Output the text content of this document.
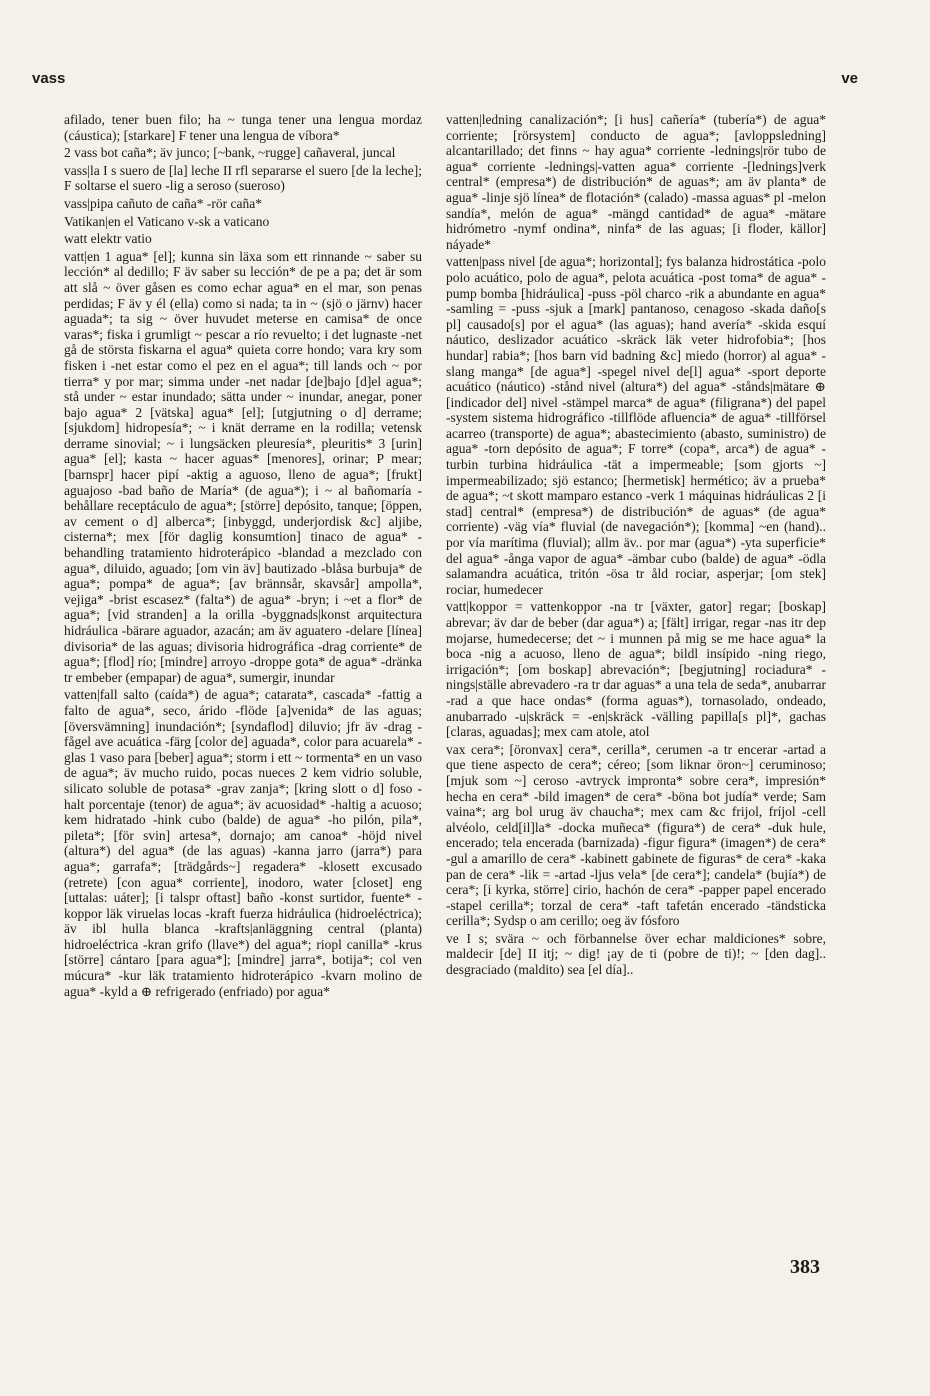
vass	ve

afilado, tener buen filo; ha ~ tunga tener una lengua mordaz (cáustica); [starkare] F tener una lengua de víbora*

2 vass bot caña*; äv junco; [~bank, ~rugge] cañaveral, juncal

vass|la I s suero de [la] leche II rfl separarse el suero [de la leche]; F soltarse el suero -lig a seroso (sueroso)

vass|pipa cañuto de caña* -rör caña*

Vatikan|en el Vaticano v-sk a vaticano

watt elektr vatio

vatt|en 1 agua* [el]; kunna sin läxa som ett rinnande ~ saber su lección* al dedillo; F äv saber su lección* de pe a pa; det är som att slå ~ över gåsen es como echar agua* en el mar, son penas perdidas; F äv y él (ella) como si nada; ta in ~ (sjö o järnv) hacer aguada*; ta sig ~ över huvudet meterse en camisa* de once varas*; fiska i grumligt ~ pescar a río revuelto; i det lugnaste -net gå de största fiskarna el agua* quieta corre hondo; vara kry som fisken i -net estar como el pez en el agua*; till lands och ~ por tierra* y por mar; simma under -net nadar [de]bajo [d]el agua*; stå under ~ estar inundado; sätta under ~ inundar, anegar, poner bajo agua* 2 [vätska] agua* [el]; [utgjutning o d] derrame; [sjukdom] hidropesía*; ~ i knät derrame en la rodilla; vetensk derrame sinovial; ~ i lungsäcken pleuresía*, pleuritis* 3 [urin] agua* [el]; kasta ~ hacer aguas* [menores], orinar; P mear; [barnspr] hacer pipí -aktig a aguoso, lleno de agua*; [frukt] aguajoso -bad baño de María* (de agua*); i ~ al bañomaría -behållare receptáculo de agua*; [större] depósito, tanque; [öppen, av cement o d] alberca*; [inbyggd, underjordisk &c] aljibe, cisterna*; mex [för daglig konsumtion] tinaco de agua* -behandling tratamiento hidroterápico -blandad a mezclado con agua*, diluido, aguado; [om vin äv] bautizado -blåsa burbuja* de agua*; pompa* de agua*; [av brännsår, skavsår] ampolla*, vejiga* -brist escasez* (falta*) de agua* -bryn; i ~et a flor* de agua*; [vid stranden] a la orilla -byggnads|konst arquitectura hidráulica -bärare aguador, azacán; am äv aguatero -delare [línea] divisoria* de las aguas; divisoria hidrográfica -drag corriente* de agua*; [flod] río; [mindre] arroyo -droppe gota* de agua* -dränka tr embeber (empapar) de agua*, sumergir, inundar

vatten|fall salto (caída*) de agua*; catarata*, cascada* -fattig a falto de agua*, seco, árido -flöde [a]venida* de las aguas; [översvämning] inundación*; [syndaflod] diluvio; jfr äv -drag -fågel ave acuática -färg [color de] aguada*, color para acuarela* -glas 1 vaso para [beber] agua*; storm i ett ~ tormenta* en un vaso de agua*; äv mucho ruido, pocas nueces 2 kem vidrio soluble, silicato soluble de potasa* -grav zanja*; [kring slott o d] foso -halt porcentaje (tenor) de agua*; äv acuosidad* -haltig a acuoso; kem hidratado -hink cubo (balde) de agua* -ho pilón, pila*, pileta*; [för svin] artesa*, dornajo; am canoa* -höjd nivel (altura*) del agua* (de las aguas) -kanna jarro (jarra*) para agua*; garrafa*; [trädgårds~] regadera* -klosett excusado (retrete) [con agua* corriente], inodoro, water [closet] eng [uttalas: uáter]; [i talspr oftast] baño -konst surtidor, fuente* -koppor läk viruelas locas -kraft fuerza hidráulica (hidroeléctrica); äv ibl hulla blanca -krafts|anläggning central (planta) hidroeléctrica -kran grifo (llave*) del agua*; riopl canilla* -krus [större] cántaro [para agua*]; [mindre] jarra*, botija*; col ven múcura* -kur läk tratamiento hidroterápico -kvarn molino de agua* -kyld a ⊕ refrigerado (enfriado) por agua*

vatten|ledning canalización*; [i hus] cañería* (tubería*) de agua* corriente; [rörsystem] conducto de agua*; [avloppsledning] alcantarillado; det finns ~ hay agua* corriente -lednings|rör tubo de agua* corriente -lednings|-vatten agua* corriente -[lednings]verk central* (empresa*) de distribución* de aguas*; am äv planta* de agua* -linje sjö línea* de flotación* (calado) -massa aguas* pl -melon sandía*, melón de agua* -mängd cantidad* de agua* -mätare hidrómetro -nymf ondina*, ninfa* de las aguas; [i floder, källor] náyade*

vatten|pass nivel [de agua*; horizontal]; fys balanza hidrostática -polo polo acuático, polo de agua*, pelota acuática -post toma* de agua* -pump bomba [hidráulica] -puss -pöl charco -rik a abundante en agua* -samling = -puss -sjuk a [mark] pantanoso, cenagoso -skada daño[s pl] causado[s] por el agua* (las aguas); hand avería* -skida esquí náutico, deslizador acuático -skräck läk veter hidrofobia*; [hos hundar] rabia*; [hos barn vid badning &c] miedo (horror) al agua* -slang manga* [de agua*] -spegel nivel de[l] agua* -sport deporte acuático (náutico) -stånd nivel (altura*) del agua* -stånds|mätare ⊕ [indicador del] nivel -stämpel marca* de agua* (filigrana*) del papel -system sistema hidrográfico -tillflöde afluencia* de agua* -tillförsel acarreo (transporte) de agua*; abastecimiento (abasto, suministro) de agua* -torn depósito de agua*; F torre* (copa*, arca*) de agua* -turbin turbina hidráulica -tät a impermeable; [som gjorts ~] impermeabilizado; sjö estanco; [hermetisk] hermético; äv a prueba* de agua*; ~t skott mamparo estanco -verk 1 máquinas hidráulicas 2 [i stad] central* (empresa*) de distribución* de aguas* (de agua* corriente) -väg vía* fluvial (de navegación*); [komma] ~en (hand).. por vía marítima (fluvial); allm äv.. por mar (agua*) -yta superficie* del agua* -ånga vapor de agua* -ämbar cubo (balde) de agua* -ödla salamandra acuática, tritón -ösa tr åld rociar, asperjar; [om stek] rociar, humedecer

vatt|koppor = vattenkoppor -na tr [växter, gator] regar; [boskap] abrevar; äv dar de beber (dar agua*) a; [fält] irrigar, regar -nas itr dep mojarse, humedecerse; det ~ i munnen på mig se me hace agua* la boca -nig a acuoso, lleno de agua*; bildl insípido -ning riego, irrigación*; [om boskap] abrevación*; [begjutning] rociadura* -nings|ställe abrevadero -ra tr dar aguas* a una tela de seda*, anubarrar -rad a que hace ondas* (forma aguas*), tornasolado, ondeado, anubarrado -u|skräck = -en|skräck -välling papilla[s pl]*, gachas [claras, aguadas]; mex cam atole, atol

vax cera*; [öronvax] cera*, cerilla*, cerumen -a tr encerar -artad a que tiene aspecto de cera*; céreo; [som liknar öron~] ceruminoso; [mjuk som ~] ceroso -avtryck impronta* sobre cera*, impresión* hecha en cera* -bild imagen* de cera* -böna bot judía* verde; Sam vaina*; arg bol urug äv chaucha*; mex cam &c frijol, fríjol -cell alvéolo, celd[il]la* -docka muñeca* (figura*) de cera* -duk hule, encerado; tela encerada (barnizada) -figur figura* (imagen*) de cera* -gul a amarillo de cera* -kabinett gabinete de figuras* de cera* -kaka pan de cera* -lik = -artad -ljus vela* [de cera*]; candela* (bujía*) de cera*; [i kyrka, större] cirio, hachón de cera* -papper papel encerado -stapel cerilla*; torzal de cera* -taft tafetán encerado -tändsticka cerilla*; Sydsp o am cerillo; oeg äv fósforo

ve I s; svära ~ och förbannelse över echar maldiciones* sobre, maldecir [de] II itj; ~ dig! ¡ay de ti (pobre de ti)!; ~ [den dag].. desgraciado (maldito) sea [el día]..

383
